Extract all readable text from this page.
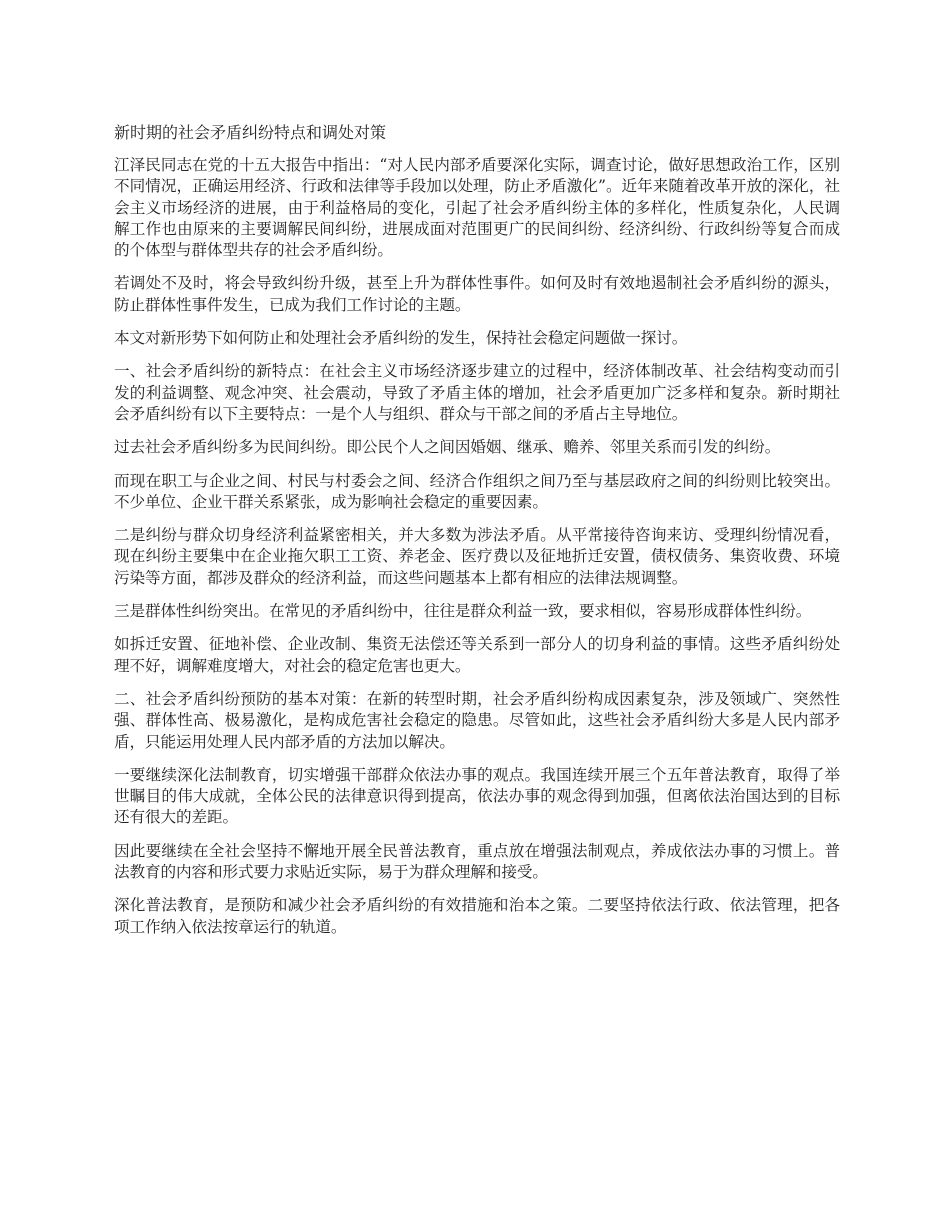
新时期的社会矛盾纠纷特点和调处对策

江泽民同志在党的十五大报告中指出：“对人民内部矛盾要深化实际，调查讨论，做好思想政治工作，区别不同情况，正确运用经济、行政和法律等手段加以处理，防止矛盾激化”。近年来随着改革开放的深化，社会主义市场经济的进展，由于利益格局的变化，引起了社会矛盾纠纷主体的多样化，性质复杂化，人民调解工作也由原来的主要调解民间纠纷，进展成面对范围更广的民间纠纷、经济纠纷、行政纠纷等复合而成的个体型与群体型共存的社会矛盾纠纷。

若调处不及时，将会导致纠纷升级，甚至上升为群体性事件。如何及时有效地遏制社会矛盾纠纷的源头，防止群体性事件发生，已成为我们工作讨论的主题。

本文对新形势下如何防止和处理社会矛盾纠纷的发生，保持社会稳定问题做一探讨。

一、社会矛盾纠纷的新特点：在社会主义市场经济逐步建立的过程中，经济体制改革、社会结构变动而引发的利益调整、观念冲突、社会震动，导致了矛盾主体的增加，社会矛盾更加广泛多样和复杂。新时期社会矛盾纠纷有以下主要特点：一是个人与组织、群众与干部之间的矛盾占主导地位。

过去社会矛盾纠纷多为民间纠纷。即公民个人之间因婚姻、继承、赡养、邻里关系而引发的纠纷。

而现在职工与企业之间、村民与村委会之间、经济合作组织之间乃至与基层政府之间的纠纷则比较突出。不少单位、企业干群关系紧张，成为影响社会稳定的重要因素。

二是纠纷与群众切身经济利益紧密相关，并大多数为涉法矛盾。从平常接待咨询来访、受理纠纷情况看，现在纠纷主要集中在企业拖欠职工工资、养老金、医疗费以及征地折迁安置，债权债务、集资收费、环境污染等方面，都涉及群众的经济利益，而这些问题基本上都有相应的法律法规调整。

三是群体性纠纷突出。在常见的矛盾纠纷中，往往是群众利益一致，要求相似，容易形成群体性纠纷。

如拆迁安置、征地补偿、企业改制、集资无法偿还等关系到一部分人的切身利益的事情。这些矛盾纠纷处理不好，调解难度增大，对社会的稳定危害也更大。

二、社会矛盾纠纷预防的基本对策：在新的转型时期，社会矛盾纠纷构成因素复杂，涉及领域广、突然性强、群体性高、极易激化，是构成危害社会稳定的隐患。尽管如此，这些社会矛盾纠纷大多是人民内部矛盾，只能运用处理人民内部矛盾的方法加以解决。

一要继续深化法制教育，切实增强干部群众依法办事的观点。我国连续开展三个五年普法教育，取得了举世瞩目的伟大成就，全体公民的法律意识得到提高，依法办事的观念得到加强，但离依法治国达到的目标还有很大的差距。

因此要继续在全社会坚持不懈地开展全民普法教育，重点放在增强法制观点，养成依法办事的习惯上。普法教育的内容和形式要力求贴近实际，易于为群众理解和接受。

深化普法教育，是预防和减少社会矛盾纠纷的有效措施和治本之策。二要坚持依法行政、依法管理，把各项工作纳入依法按章运行的轨道。
